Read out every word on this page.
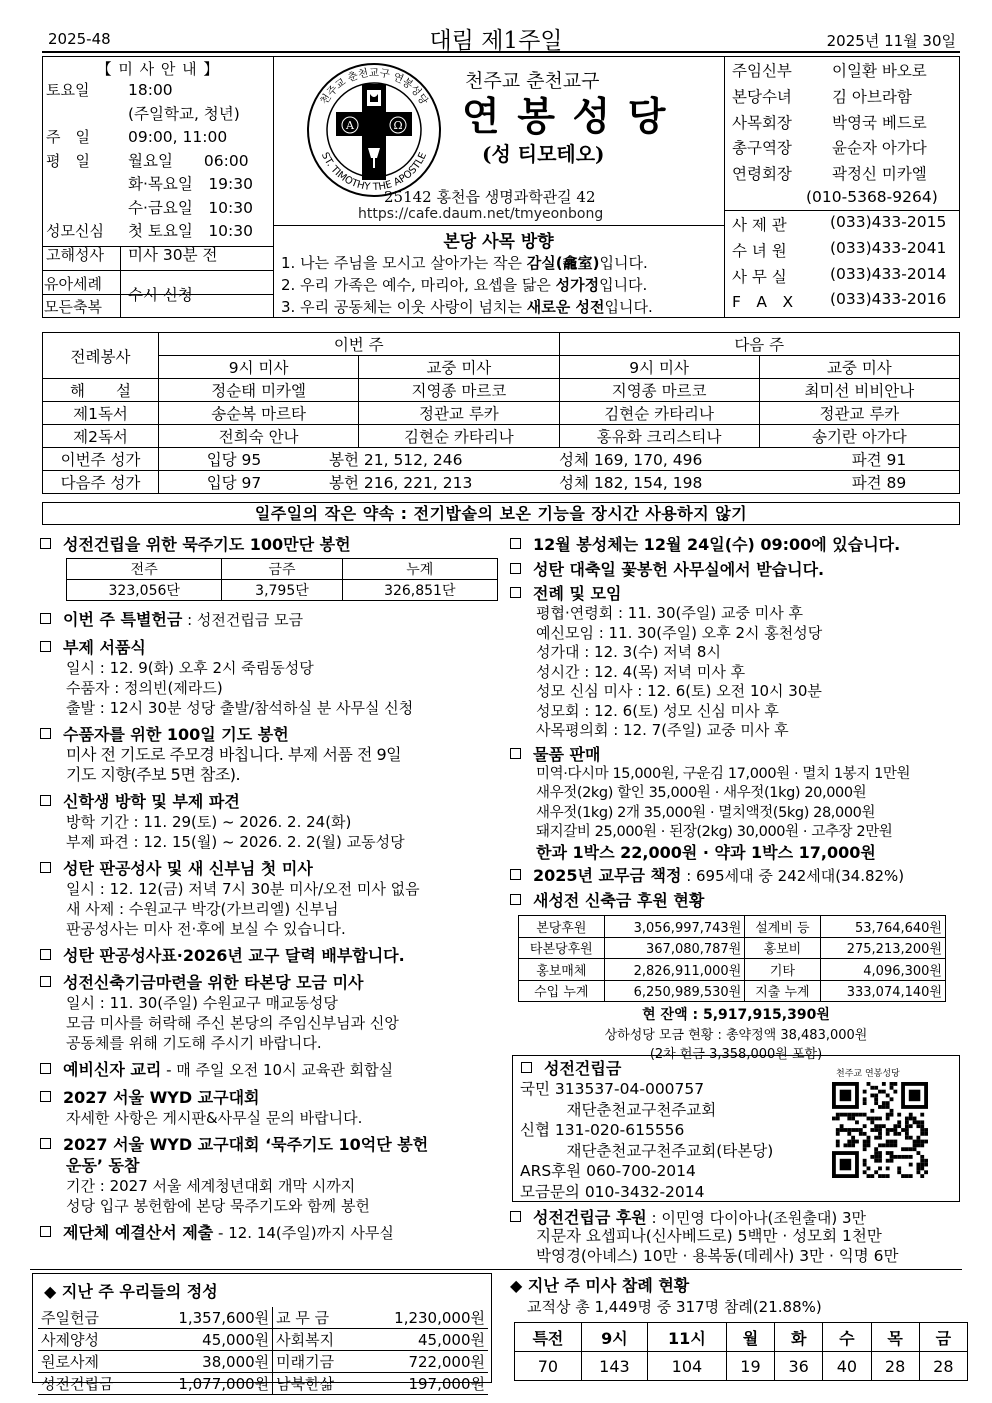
2025-48	대림 제1주일	2025년 11월 30일
【 미 사 안 내 】
토요일	18:00
(주일학교, 청년)
주　일	09:00, 11:00
평　일	월요일　　06:00
화·목요일　19:30
수·금요일　10:30
성모신심	첫 토요일　10:30
고해성사	미사 30분 전
유아세례
모든축복
수시 신청
A	Ω
천주교 춘천교구 연봉성당
ST. TIMOTHY THE APOSTLE
천주교 춘천교구
연 봉 성 당
(성 티모테오)
25142 홍천읍 생명과학관길 42
https://cafe.daum.net/tmyeonbong
본당 사목 방향
1. 나는 주님을 모시고 살아가는 작은 감실(龕室)입니다.
2. 우리 가족은 예수, 마리아, 요셉을 닮은 성가정입니다.
3. 우리 공동체는 이웃 사랑이 넘치는 새로운 성전입니다.
주임신부	이일환 바오로
본당수녀	김 아브라함
사목회장	박영국 베드로
총구역장	윤순자 아가다
연령회장	곽정신 미카엘
(010-5368-9264)
사 제 관	(033)433-2015
수 녀 원	(033)433-2041
사 무 실	(033)433-2014
F　A　X	(033)433-2016
전례봉사	이번 주		다음 주	
	9시 미사	교중 미사	9시 미사	교중 미사
해　　설	정순태 미카엘	지영종 마르코	지영종 마르코	최미선 비비안나
제1독서	송순복 마르타	정관교 루카	김현순 카타리나	정관교 루카
제2독서	전희숙 안나	김현순 카타리나	홍유화 크리스티나	송기란 아가다
이번주 성가	입당 95 봉헌 21, 512, 246 성체 169, 170, 496 파견 91			

다음주 성가	입당 97 봉헌 216, 221, 213 성체 182, 154, 198 파견 89			
일주일의 작은 약속 : 전기밥솥의 보온 기능을 장시간 사용하지 않기
성전건립을 위한 묵주기도 100만단 봉헌
전주	금주	누계
323,056단	3,795단	326,851단
이번 주 특별헌금 : 성전건립금 모금
부제 서품식
일시 : 12. 9(화) 오후 2시 죽림동성당
수품자 : 정의빈(제라드)
출발 : 12시 30분 성당 출발/참석하실 분 사무실 신청
수품자를 위한 100일 기도 봉헌
미사 전 기도로 주모경 바칩니다. 부제 서품 전 9일
기도 지향(주보 5면 참조).
신학생 방학 및 부제 파견
방학 기간 : 11. 29(토) ~ 2026. 2. 24(화)
부제 파견 : 12. 15(월) ~ 2026. 2. 2(월) 교동성당
성탄 판공성사 및 새 신부님 첫 미사
일시 : 12. 12(금) 저녁 7시 30분 미사/오전 미사 없음
새 사제 : 수원교구 박강(가브리엘) 신부님
판공성사는 미사 전·후에 보실 수 있습니다.
성탄 판공성사표·2026년 교구 달력 배부합니다.
성전신축기금마련을 위한 타본당 모금 미사
일시 : 11. 30(주일) 수원교구 매교동성당
모금 미사를 허락해 주신 본당의 주임신부님과 신앙
공동체를 위해 기도해 주시기 바랍니다.
예비신자 교리 - 매 주일 오전 10시 교육관 회합실
2027 서울 WYD 교구대회
자세한 사항은 게시판&사무실 문의 바랍니다.
2027 서울 WYD 교구대회 ‘묵주기도 10억단 봉헌
운동’ 동참
기간 : 2027 서울 세계청년대회 개막 시까지
성당 입구 봉헌함에 본당 묵주기도와 함께 봉헌
제단체 예결산서 제출 - 12. 14(주일)까지 사무실
12월 봉성체는 12월 24일(수) 09:00에 있습니다.
성탄 대축일 꽃봉헌 사무실에서 받습니다.
전례 및 모임
평협·연령회 : 11. 30(주일) 교중 미사 후
예신모임 : 11. 30(주일) 오후 2시 홍천성당
성가대 : 12. 3(수) 저녁 8시
성시간 : 12. 4(목) 저녁 미사 후
성모 신심 미사 : 12. 6(토) 오전 10시 30분
성모회 : 12. 6(토) 성모 신심 미사 후
사목평의회 : 12. 7(주일) 교중 미사 후
물품 판매
미역·다시마 15,000원, 구운김 17,000원 · 멸치 1봉지 1만원
새우젓(2kg) 할인 35,000원 · 새우젓(1kg) 20,000원
새우젓(1kg) 2개 35,000원 · 멸치액젓(5kg) 28,000원
돼지갈비 25,000원 · 된장(2kg) 30,000원 · 고추장 2만원
한과 1박스 22,000원 · 약과 1박스 17,000원
2025년 교무금 책정 : 695세대 중 242세대(34.82%)
새성전 신축금 후원 현황
본당후원	3,056,997,743원	설계비 등	53,764,640원
타본당후원	367,080,787원	홍보비	275,213,200원
홍보매체	2,826,911,000원	기타	4,096,300원
수입 누계	6,250,989,530원	지출 누계	333,074,140원
현 잔액 : 5,917,915,390원
상하성당 모금 현황 : 총약정액 38,483,000원
(2차 헌금 3,358,000원 포함)
성전건립금
국민 313537-04-000757
　　　재단춘천교구천주교회
신협 131-020-615556
　　　재단춘천교구천주교회(타본당)
ARS후원 060-700-2014
모금문의 010-3432-2014
천주교 연봉성당
성전건립금 후원 : 이민영 다이아나(조원출대) 3만
지문자 요셉피나(신사베드로) 5백만 · 성모회 1천만
박영경(아녜스) 10만 · 용복동(데레사) 3만 · 익명 6만
◆ 지난 주 우리들의 정성
주일헌금	1,357,600원	교 무 금	1,230,000원
사제양성	45,000원	사회복지	45,000원
원로사제	38,000원	미래기금	722,000원
성전건립금	1,077,000원	남북한삶	197,000원
◆ 지난 주 미사 참례 현황
교적상 총 1,449명 중 317명 참례(21.88%)
특전	9시	11시	월	화	수	목	금
70	143	104	19	36	40	28	28
